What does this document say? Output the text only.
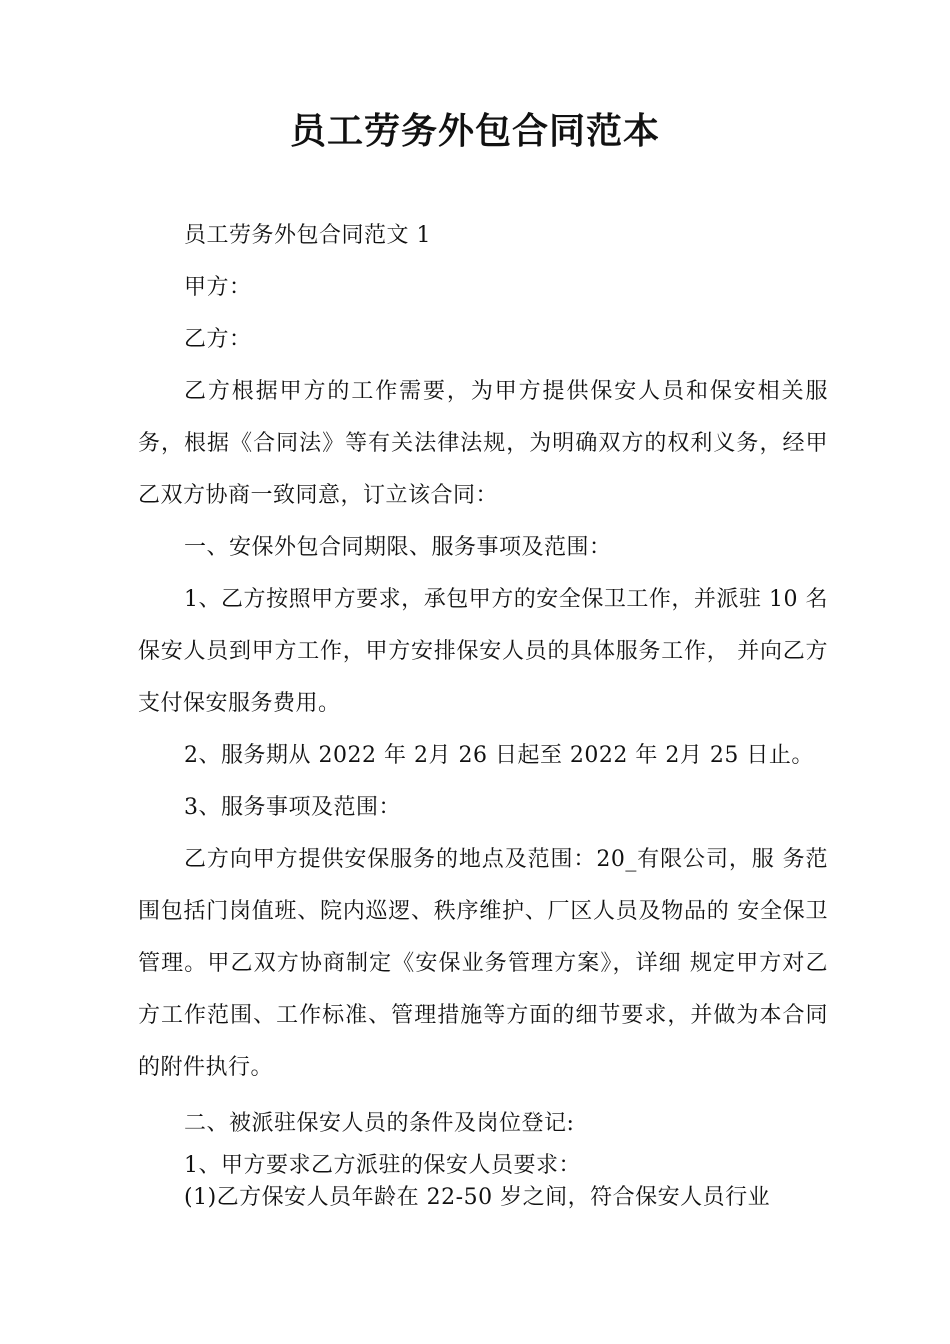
员工劳务外包合同范本

员工劳务外包合同范文 1

甲方：

乙方：

乙方根据甲方的工作需要，为甲方提供保安人员和保安相关服务，根据《合同法》等有关法律法规，为明确双方的权利义务，经甲乙双方协商一致同意，订立该合同：

一、安保外包合同期限、服务事项及范围：

1、乙方按照甲方要求，承包甲方的安全保卫工作，并派驻 10 名保安人员到甲方工作，甲方安排保安人员的具体服务工作， 并向乙方支付保安服务费用。

2、服务期从 2022 年 2月 26 日起至 2022 年 2月 25 日止。

3、服务事项及范围：

乙方向甲方提供安保服务的地点及范围：20_有限公司，服 务范围包括门岗值班、院内巡逻、秩序维护、厂区人员及物品的 安全保卫管理。甲乙双方协商制定《安保业务管理方案》，详细 规定甲方对乙方工作范围、工作标准、管理措施等方面的细节要求，并做为本合同的附件执行。

二、被派驻保安人员的条件及岗位登记:

1、甲方要求乙方派驻的保安人员要求：

(1)乙方保安人员年龄在 22-50 岁之间，符合保安人员行业
